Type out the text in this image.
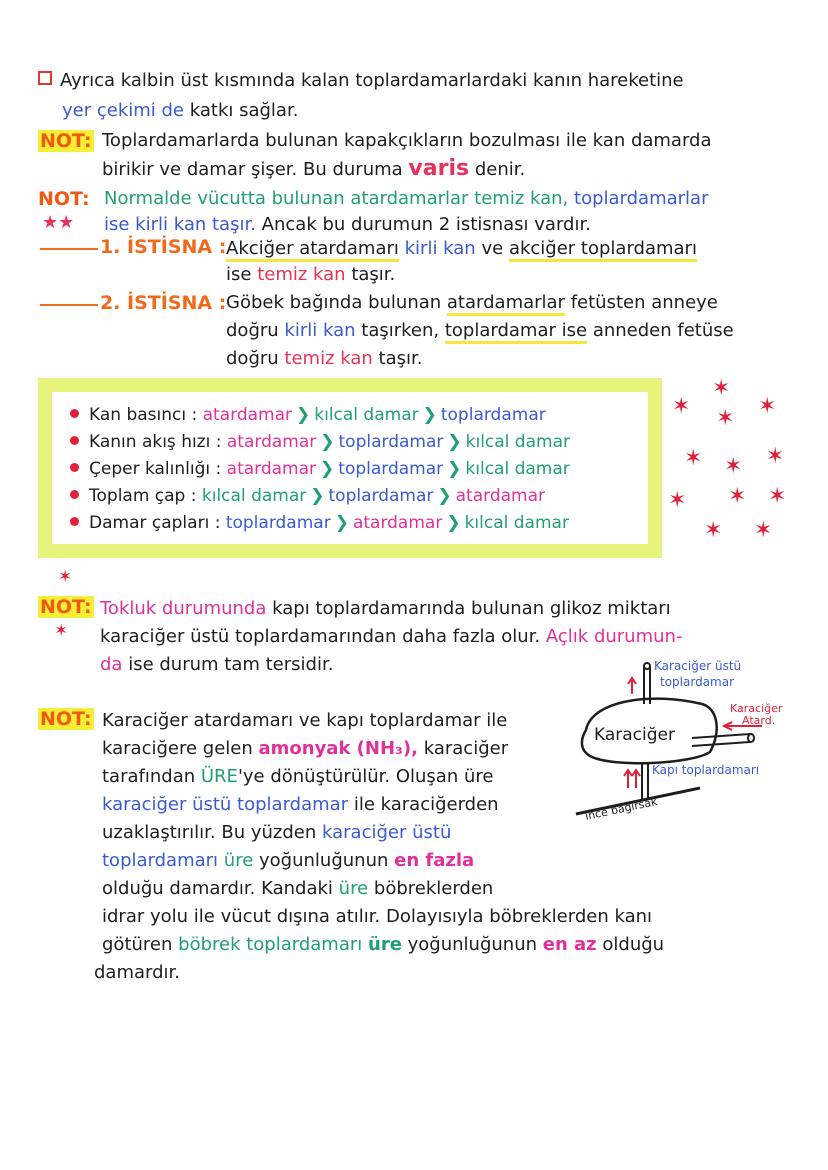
Ayrıca kalbin üst kısmında kalan toplardamarlardaki kanın hareketine
yer çekimi de katkı sağlar.
NOT: Toplardamarlarda bulunan kapakçıkların bozulması ile kan damarda
birikir ve damar şişer. Bu duruma varis denir.
NOT:
★★
Normalde vücutta bulunan atardamarlar temiz kan, toplardamarlar
ise kirli kan taşır. Ancak bu durumun 2 istisnası vardır.
1. İSTİSNA : Akciğer atardamarı kirli kan ve akciğer toplardamarı
ise temiz kan taşır.
2. İSTİSNA : Göbek bağında bulunan atardamarlar fetüsten anneye
doğru kirli kan taşırken, toplardamar ise anneden fetüse
doğru temiz kan taşır.
Kan basıncı : atardamar ❯ kılcal damar ❯ toplardamar
Kanın akış hızı : atardamar ❯ toplardamar ❯ kılcal damar
Çeper kalınlığı : atardamar ❯ toplardamar ❯ kılcal damar
Toplam çap : kılcal damar ❯ toplardamar ❯ atardamar
Damar çapları : toplardamar ❯ atardamar ❯ kılcal damar
✶
✶ ✶ ✶
✶ ✶ ✶
✶ ✶ ✶
✶ ✶
✶
NOT:
✶
Tokluk durumunda kapı toplardamarında bulunan glikoz miktarı
karaciğer üstü toplardamarından daha fazla olur. Açlık durumun-
da ise durum tam tersidir.
Karaciğer
Karaciğer üstü
toplardamar
Karaciğer
Atard.
Kapı toplardamarı
ince bağırsak
NOT: Karaciğer atardamarı ve kapı toplardamar ile
karaciğere gelen amonyak (NH₃), karaciğer
tarafından ÜRE'ye dönüştürülür. Oluşan üre
karaciğer üstü toplardamar ile karaciğerden
uzaklaştırılır. Bu yüzden karaciğer üstü
toplardamarı üre yoğunluğunun en fazla
olduğu damardır. Kandaki üre böbreklerden
idrar yolu ile vücut dışına atılır. Dolayısıyla böbreklerden kanı
götüren böbrek toplardamarı üre yoğunluğunun en az olduğu
damardır.
